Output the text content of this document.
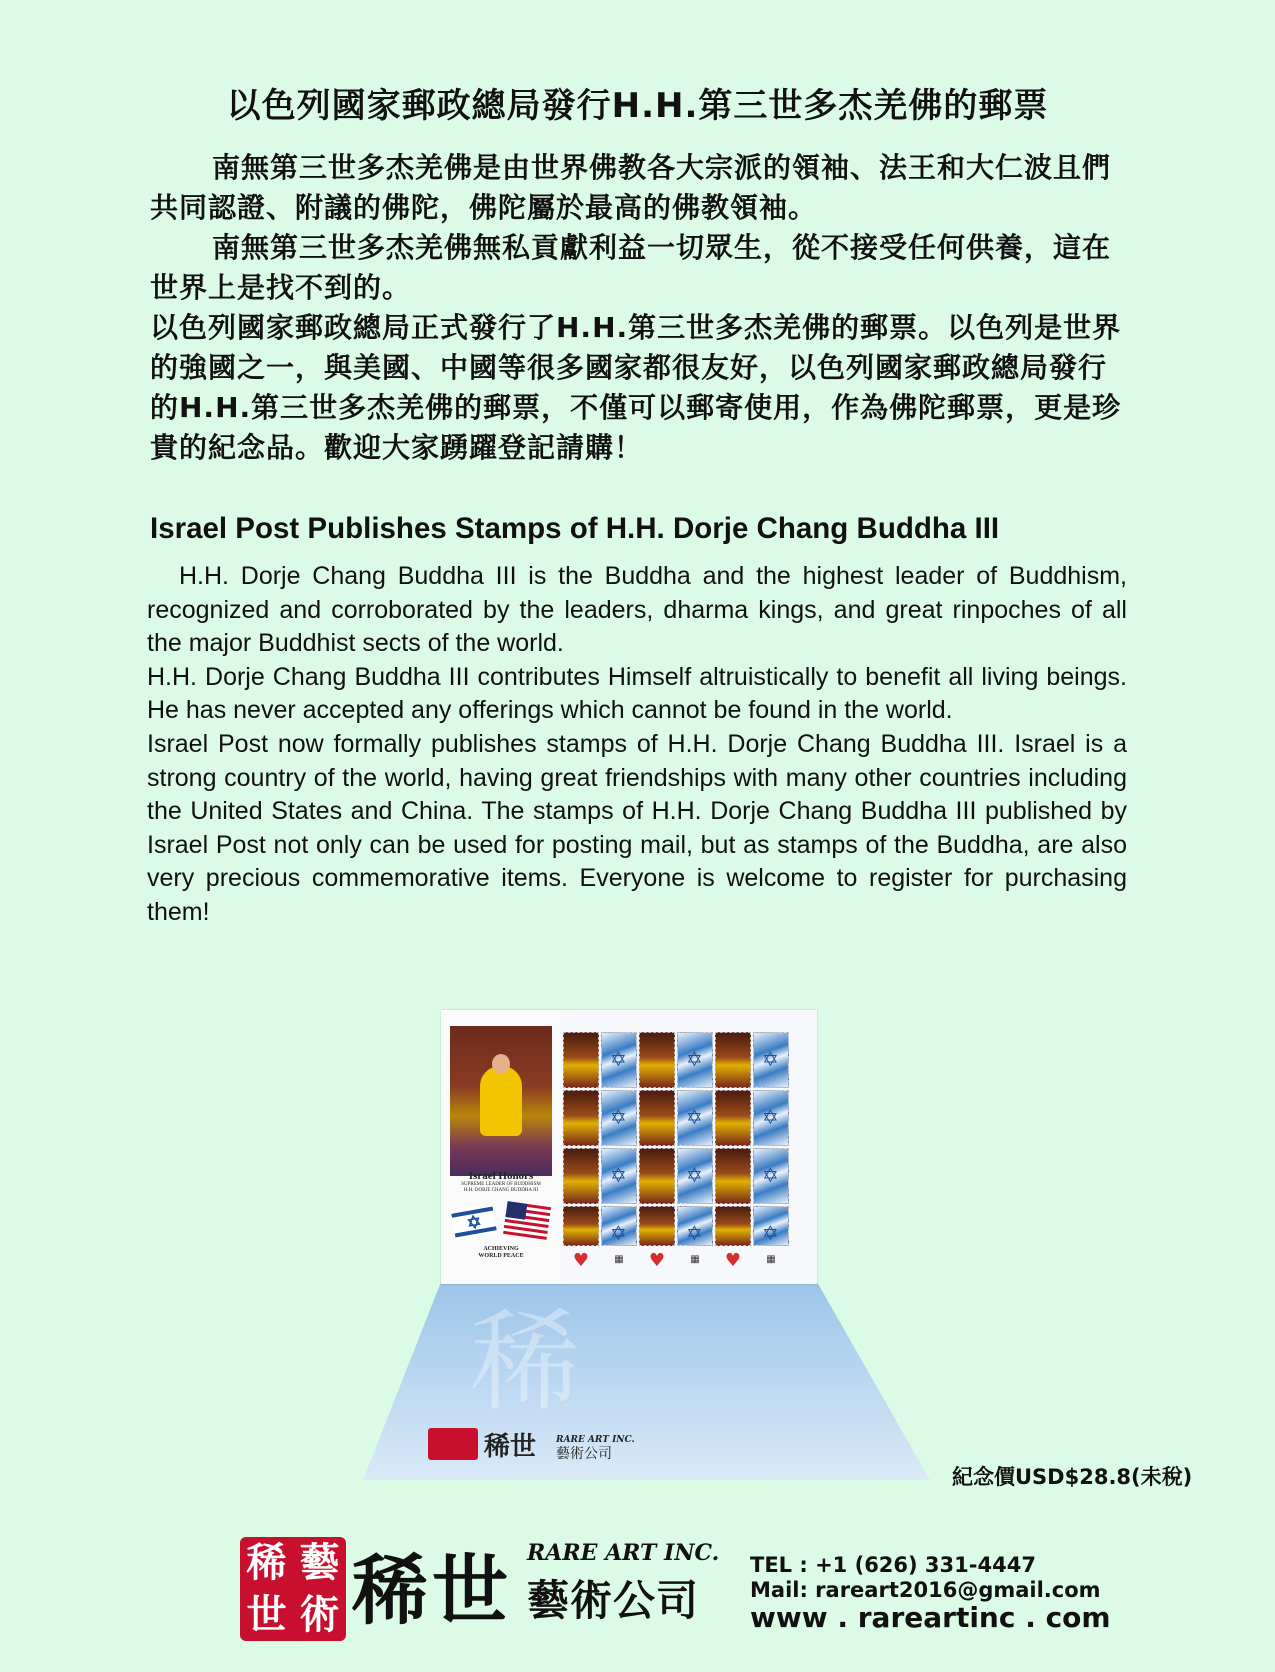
以色列國家郵政總局發行H.H.第三世多杰羌佛的郵票

南無第三世多杰羌佛是由世界佛教各大宗派的領袖、法王和大仁波且們共同認證、附議的佛陀，佛陀屬於最高的佛教領袖。

南無第三世多杰羌佛無私貢獻利益一切眾生，從不接受任何供養，這在世界上是找不到的。

以色列國家郵政總局正式發行了H.H.第三世多杰羌佛的郵票。以色列是世界的強國之一，與美國、中國等很多國家都很友好，以色列國家郵政總局發行的H.H.第三世多杰羌佛的郵票，不僅可以郵寄使用，作為佛陀郵票，更是珍貴的紀念品。歡迎大家踴躍登記請購！

Israel Post Publishes Stamps of H.H. Dorje Chang Buddha III

H.H. Dorje Chang Buddha III is the Buddha and the highest leader of Buddhism, recognized and corroborated by the leaders, dharma kings, and great rinpoches of all the major Buddhist sects of the world.

H.H. Dorje Chang Buddha III contributes Himself altruistically to benefit all living beings. He has never accepted any offerings which cannot be found in the world.

Israel Post now formally publishes stamps of H.H. Dorje Chang Buddha III. Israel is a strong country of the world, having great friendships with many other countries including the United States and China. The stamps of H.H. Dorje Chang Buddha III published by Israel Post not only can be used for posting mail, but as stamps of the Buddha, are also very precious commemorative items. Everyone is welcome to register for purchasing them!

稀
稀世 RARE ART INC.
藝術公司
Israel Honors
SUPREME LEADER OF BUDDHISM
H.H. DORJE CHANG BUDDHA III
ACHIEVING
WORLD PEACE
✡
✡
✡
✡
✡
✡
✡
✡
✡
✡
✡
✡	♥	▦	♥	▦	♥	▦
紀念價USD$28.8(未稅)
稀 藝
世 術 稀世 RARE ART INC.
藝術公司
TEL : +1 (626) 331-4447
Mail: rareart2016@gmail.com
www . rareartinc . com
